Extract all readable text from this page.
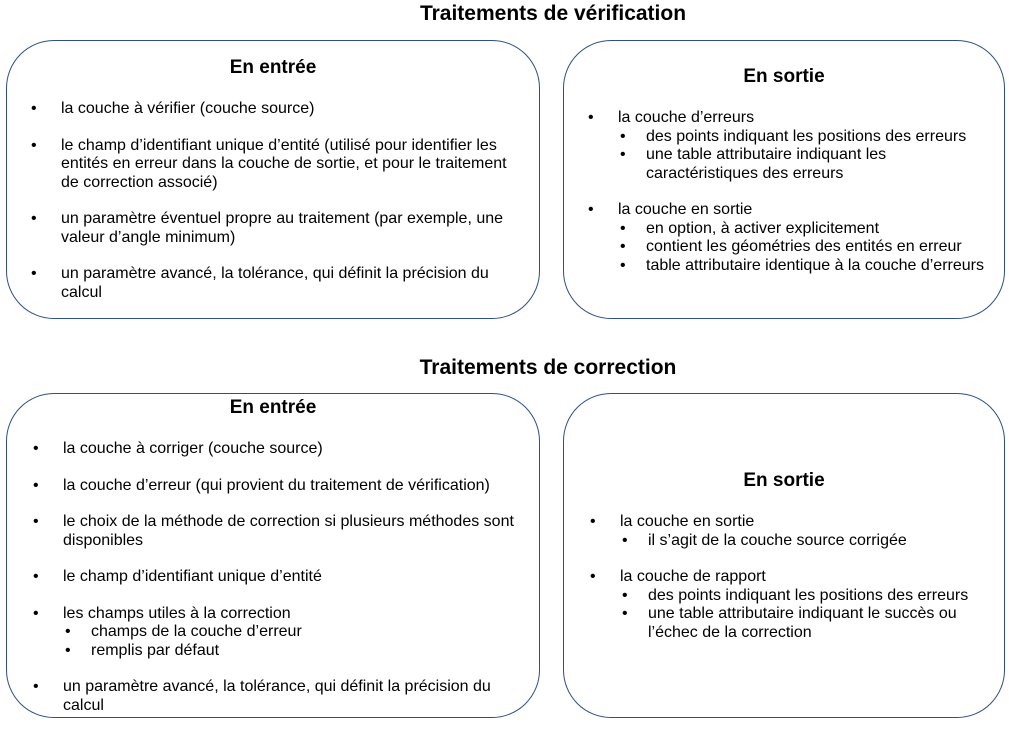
Traitements de vérification
En entrée
• la couche à vérifier (couche source)
• le champ d’identifiant unique d’entité (utilisé pour identifier les entités en erreur dans la couche de sortie, et pour le traitement de correction associé)
• un paramètre éventuel propre au traitement (par exemple, une valeur d’angle minimum)
• un paramètre avancé, la tolérance, qui définit la précision du calcul
En sortie
• la couche d’erreurs
• des points indiquant les positions des erreurs
• une table attributaire indiquant les caractéristiques des erreurs
• la couche en sortie
• en option, à activer explicitement
• contient les géométries des entités en erreur
• table attributaire identique à la couche d’erreurs
Traitements de correction
En entrée
• la couche à corriger (couche source)
• la couche d’erreur (qui provient du traitement de vérification)
• le choix de la méthode de correction si plusieurs méthodes sont disponibles
• le champ d’identifiant unique d’entité
• les champs utiles à la correction
• champs de la couche d’erreur
• remplis par défaut
• un paramètre avancé, la tolérance, qui définit la précision du calcul
En sortie
• la couche en sortie
• il s’agit de la couche source corrigée
• la couche de rapport
• des points indiquant les positions des erreurs
• une table attributaire indiquant le succès ou l’échec de la correction
